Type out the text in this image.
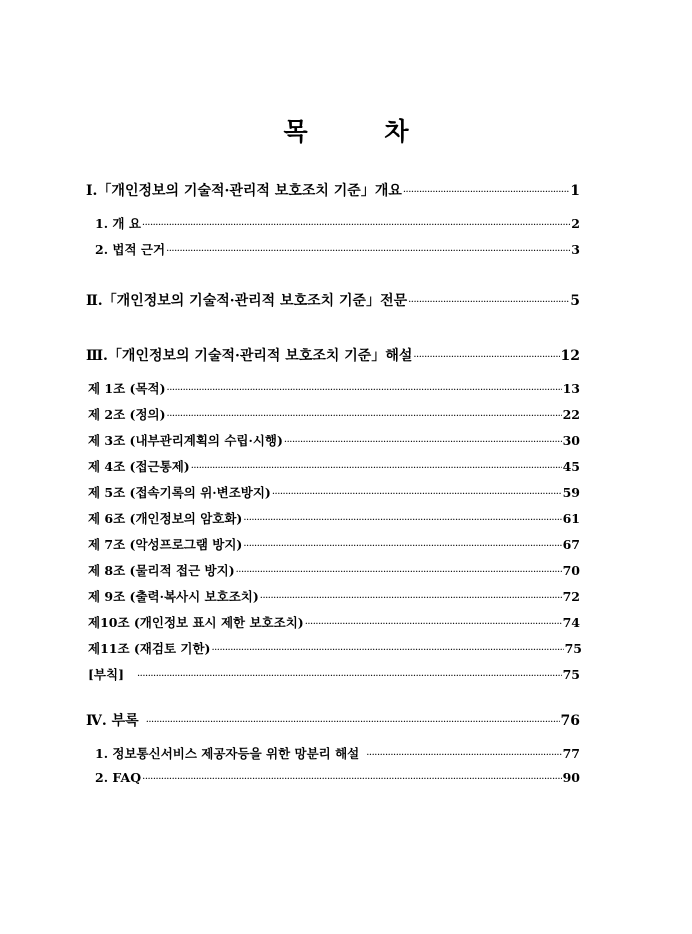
목 차
Ⅰ.「개인정보의 기술적·관리적 보호조치 기준」개요 ·····	1
1. 개 요 ·····	2
2. 법적 근거 ·····	3
Ⅱ.「개인정보의 기술적·관리적 보호조치 기준」전문 ·····	5
Ⅲ.「개인정보의 기술적·관리적 보호조치 기준」해설 ·····	12
제 1조 (목적) ·····	13
제 2조 (정의) ·····	22
제 3조 (내부관리계획의 수립·시행) ·····	30
제 4조 (접근통제) ·····	45
제 5조 (접속기록의 위·변조방지) ·····	59
제 6조 (개인정보의 암호화) ·····	61
제 7조 (악성프로그램 방지) ·····	67
제 8조 (물리적 접근 방지) ·····	70
제 9조 (출력·복사시 보호조치) ·····	72
제10조 (개인정보 표시 제한 보호조치) ·····	74
제11조 (재검토 기한) ·····	75
[부칙] ·····	75
Ⅳ. 부록 ·····	76
1. 정보통신서비스 제공자등을 위한 망분리 해설 ·····	77
2. FAQ ·····	90
